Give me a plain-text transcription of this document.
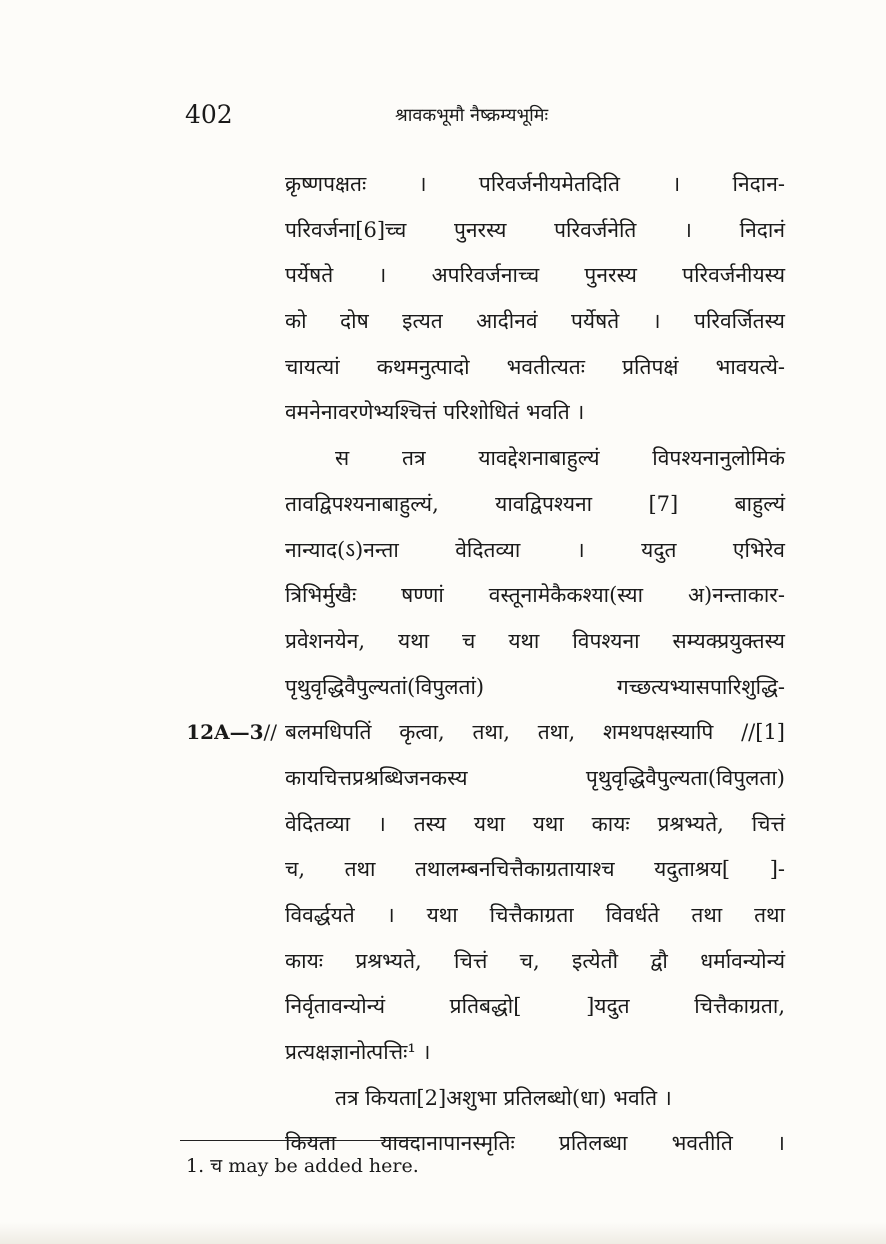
402	श्रावकभूमौ नैष्क्रम्यभूमिः
क्रृष्णपक्षतः । परिवर्जनीयमेतदिति । निदान-
परिवर्जना[6]च्च पुनरस्य परिवर्जनेति । निदानं
पर्येषते । अपरिवर्जनाच्च पुनरस्य परिवर्जनीयस्य
को दोष इत्यत आदीनवं पर्येषते । परिवर्जितस्य
चायत्यां कथमनुत्पादो भवतीत्यतः प्रतिपक्षं भावयत्ये-
वमनेनावरणेभ्यश्चित्तं परिशोधितं भवति ।
स तत्र यावद्देशनाबाहुल्यं विपश्यनानुलोमिकं
तावद्विपश्यनाबाहुल्यं, यावद्विपश्यना [7] बाहुल्यं
नान्याद(ऽ)नन्ता वेदितव्या । यदुत एभिरेव
त्रिभिर्मुखैः षण्णां वस्तूनामेकैकश्या(स्या अ)नन्ताकार-
प्रवेशनयेन, यथा च यथा विपश्यना सम्यक्प्रयुक्तस्य
पृथुवृद्धिवैपुल्यतां(विपुलतां) गच्छत्यभ्यासपारिशुद्धि-
12A—3// बलमधिपतिं कृत्वा, तथा, तथा, शमथपक्षस्यापि //[1]
कायचित्तप्रश्रब्धिजनकस्य पृथुवृद्धिवैपुल्यता(विपुलता)
वेदितव्या । तस्य यथा यथा कायः प्रश्रभ्यते, चित्तं
च, तथा तथालम्बनचित्तैकाग्रतायाश्च यदुताश्रय[ ]-
विवर्द्धयते । यथा चित्तैकाग्रता विवर्धते तथा तथा
कायः प्रश्रभ्यते, चित्तं च, इत्येतौ द्वौ धर्मावन्योन्यं
निर्वृतावन्योन्यं प्रतिबद्धो[ ]यदुत चित्तैकाग्रता,
प्रत्यक्षज्ञानोत्पत्तिः¹ ।
तत्र कियता[2]अशुभा प्रतिलब्धो(धा) भवति ।
कियता यावदानापानस्मृतिः प्रतिलब्धा भवतीति ।
1. च may be added here.
